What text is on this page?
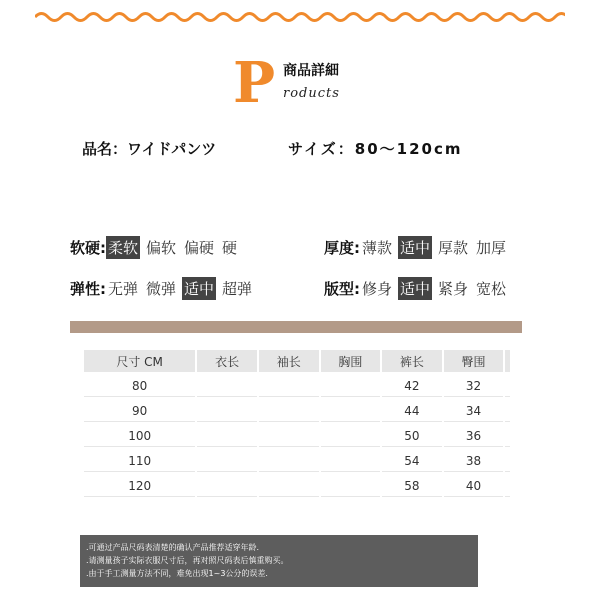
P 商品詳細
roducts
品名：ワイドパンツ	サイズ：80～120cm
软硬: 柔软 偏软 偏硬 硬	厚度: 薄款 适中 厚款 加厚
弹性: 无弹 微弹 适中 超弹	版型: 修身 适中 紧身 宽松
尺寸 CM	衣长	袖长	胸围	裤长	臀围	
80				42	32	
90				44	34	
100				50	36	
110				54	38	
120				58	40	
.可通过产品尺码表清楚的确认产品推荐适穿年龄.
.请测量孩子实际衣服尺寸后，再对照尺码表后慎重购买。
.由于手工测量方法不同，难免出现1~3公分的误差.
